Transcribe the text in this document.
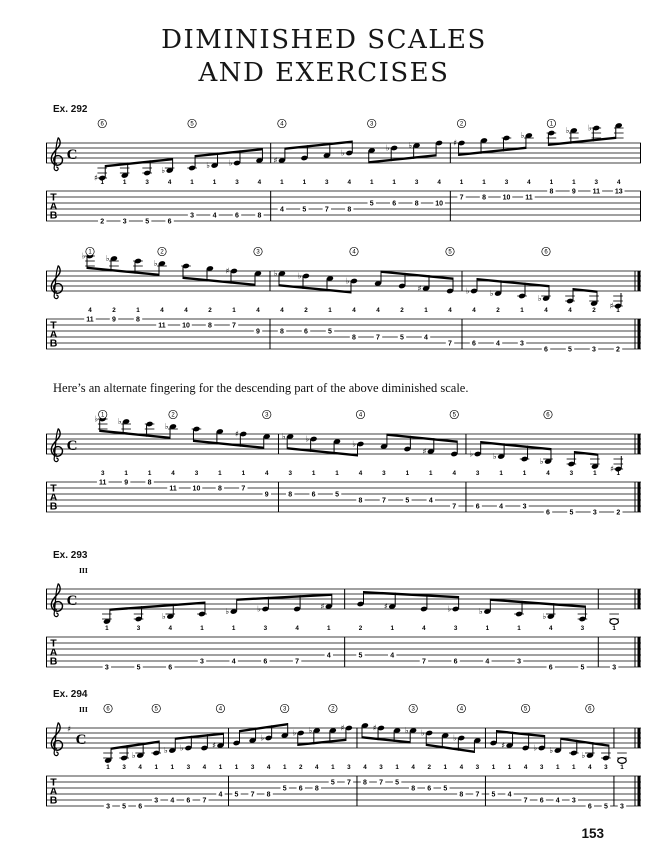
DIMINISHED SCALES
AND EXERCISES
Ex. 292
T
A
B
C
♯
6
1
2
1
3
3
5
♭
4
6
5
1
3
♭
1
4
♭
3
6
4
8
♯
4
1
4
1
5
3
7
♭
4
8
3
1
5
♭
1
6
♭
3
8
4
10
♯
2
1
7
1
8
3
10
♭
4
11
1
1
8
♭
1
9
♭
3
11
4
13
T
A
B
♭ 1
4
11
♭
2
9
1
8
♭
2
4
11
4
10
2
8
♯
1
7
3
4
9
♭
4
8
♭
2
6
1
5
♭
4
4
8
4
7
2
5
♯
1
4
5
4
7
♭
4
6
♭
2
4
1
3
♭
6
4
6
4
5
2
3
♯
1
2

Here’s an alternate fingering for the descending part of the above diminished scale.

T
A
B
C
♭ 1
3
11
♭
1
9
1
8
♭
2
4
11
3
10
1
8
♯
1
7
3
4
9
♭
3
8
♭
1
6
1
5
♭
4
4
8
3
7
1
5
♯
1
4
5
4
7
♭
3
6
♭
1
4
1
3
♭
6
4
6
3
5
1
3
♯
1
2
Ex. 293
T
A
B
C
III
1
3
3
5
♭
4
6
1
3
♭
1
4
♭
3
6
4
7
♯
1
4
2
5
♯
1
4
4
7
♭
3
6
♭
1
4
1
3
♭
4
6
3
5
1
3
Ex. 294
T
A
B
♯
C
III	6
1
3
3
5
♭
4
6
5
1
3
♭
1
4
♭
3
6
4
7
♯
4
1
4
1
5
3
7
♭
4
8
3
1
5
♭
2
6
♭
4
8
2
1
5
♯
3
7
4
8
♯
3
7
1
5
♭
3
4
8
♭
2
6
1
5
♭
4
4
8
3
7
1
5
♯
1
4
5
4
7
♭
3
6
♭
1
4
1
3
♭
6
4
6
3
5
1
3
153
